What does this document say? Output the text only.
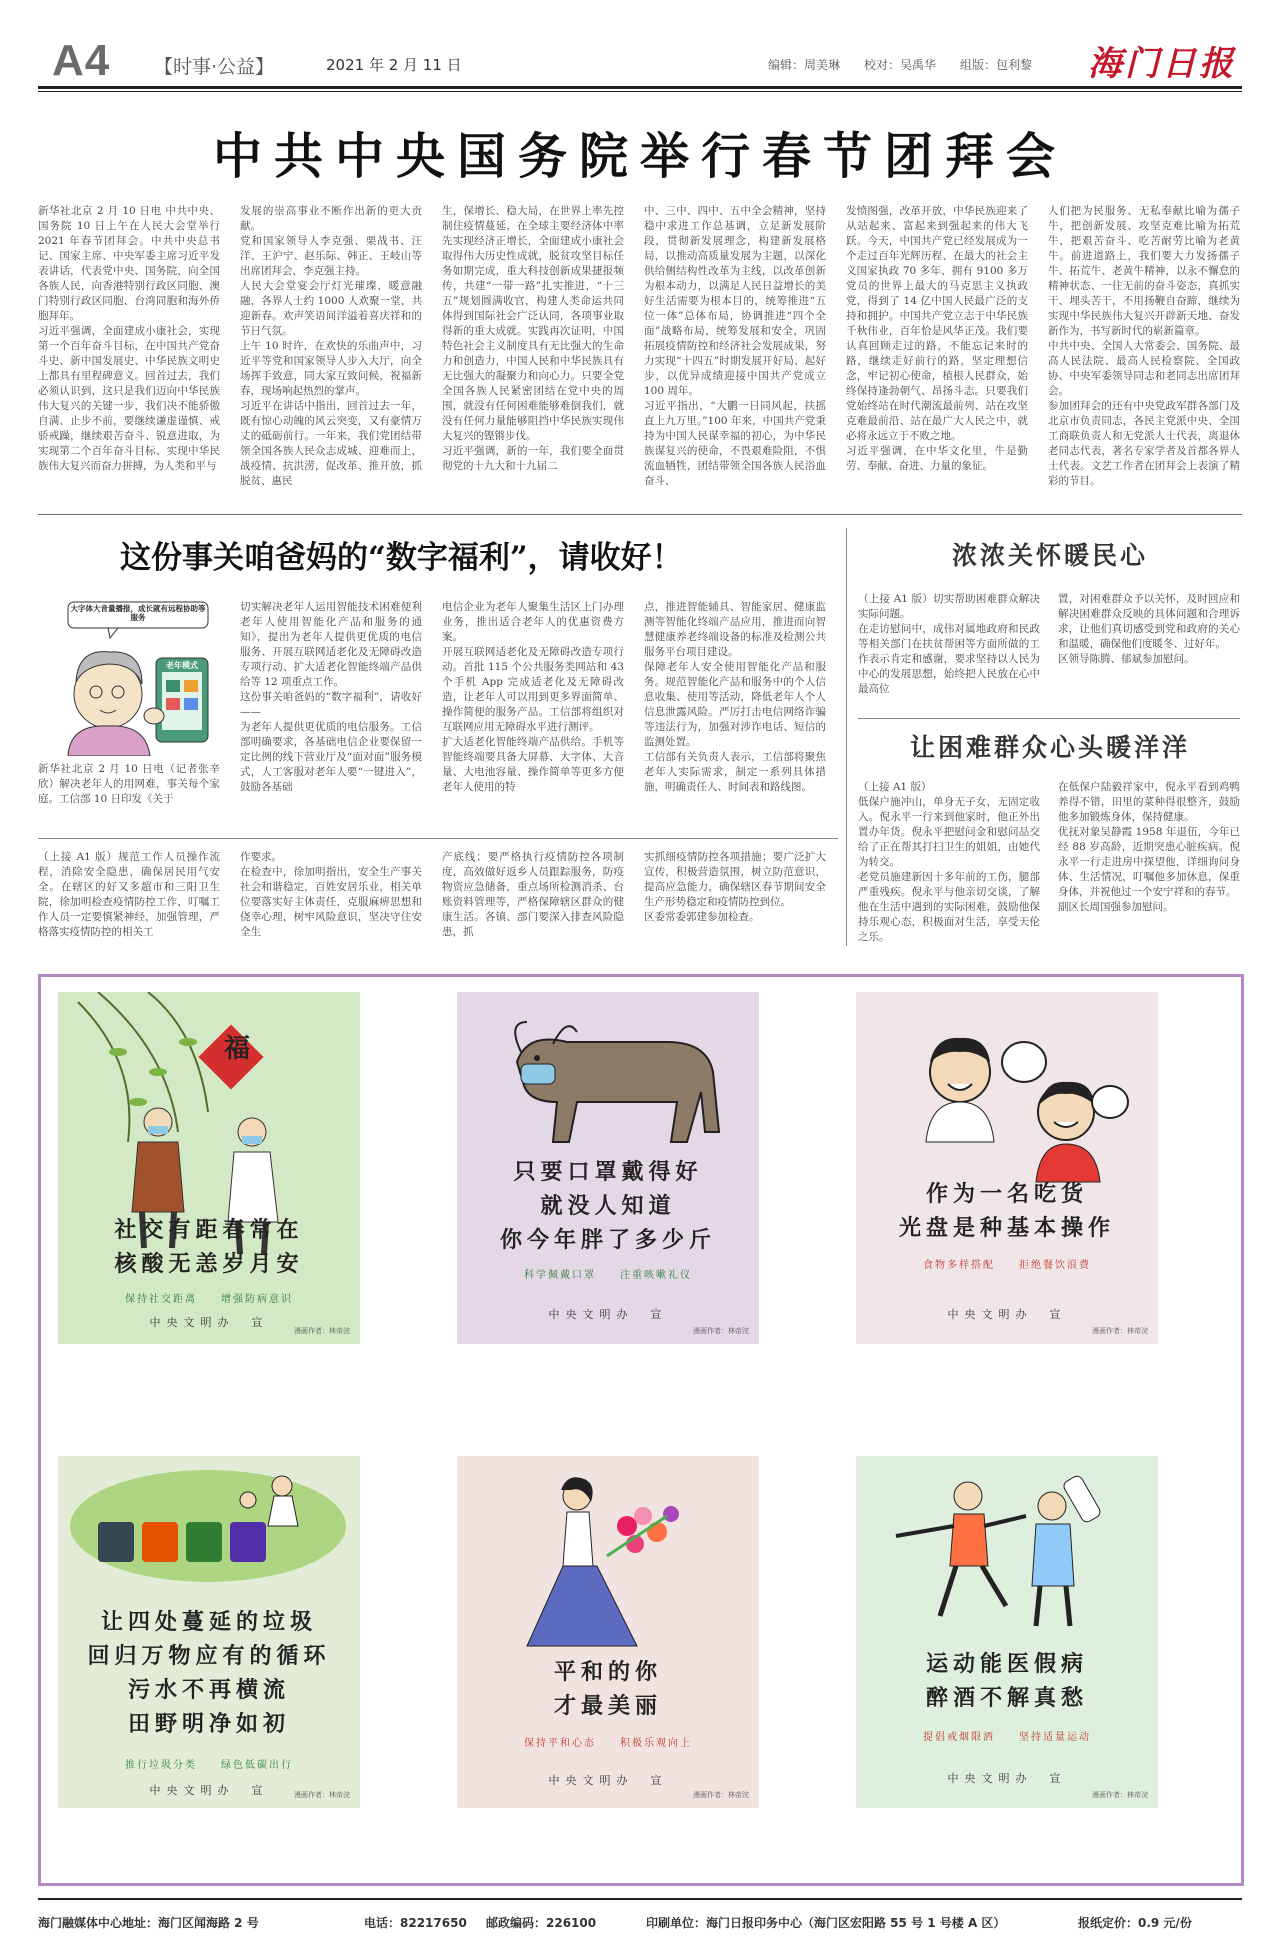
A4 【时事·公益】	2021 年 2 月 11 日	编辑：周美琳　　校对：吴禹华　　组版：包利黎 海门日报
中共中央国务院举行春节团拜会
新华社北京 2 月 10 日电 中共中央、国务院 10 日上午在人民大会堂举行 2021 年春节团拜会。中共中央总书记、国家主席、中央军委主席习近平发表讲话，代表党中央、国务院，向全国各族人民，向香港特别行政区同胞、澳门特别行政区同胞、台湾同胞和海外侨胞拜年。
习近平强调，全面建成小康社会，实现第一个百年奋斗目标，在中国共产党奋斗史、新中国发展史、中华民族文明史上都具有里程碑意义。回首过去，我们必须认识到，这只是我们迈向中华民族伟大复兴的关键一步，我们决不能骄傲自满、止步不前，要继续谦虚谨慎、戒骄戒躁，继续艰苦奋斗、锐意进取，为实现第二个百年奋斗目标、实现中华民族伟大复兴而奋力拼搏，为人类和平与
发展的崇高事业不断作出新的更大贡献。
党和国家领导人李克强、栗战书、汪洋、王沪宁、赵乐际、韩正、王岐山等出席团拜会，李克强主持。
人民大会堂宴会厅灯光璀璨、暖意融融，各界人士约 1000 人欢聚一堂，共迎新春。欢声笑语间洋溢着喜庆祥和的节日气氛。
上午 10 时许，在欢快的乐曲声中，习近平等党和国家领导人步入大厅，向全场挥手致意，同大家互致问候，祝福新春，现场响起热烈的掌声。
习近平在讲话中指出，回首过去一年，既有惊心动魄的风云突变，又有豪情万丈的砥砺前行。一年来，我们党团结带领全国各族人民众志成城、迎难而上，战疫情、抗洪涝，促改革、推开放，抓脱贫、惠民
生，保增长、稳大局，在世界上率先控制住疫情蔓延，在全球主要经济体中率先实现经济正增长，全面建成小康社会取得伟大历史性成就，脱贫攻坚目标任务如期完成，重大科技创新成果捷报频传，共建“一带一路”扎实推进，“十三五”规划圆满收官，构建人类命运共同体得到国际社会广泛认同，各项事业取得新的重大成就。实践再次证明，中国特色社会主义制度具有无比强大的生命力和创造力，中国人民和中华民族具有无比强大的凝聚力和向心力。只要全党全国各族人民紧密团结在党中央的周围，就没有任何困难能够难倒我们，就没有任何力量能够阻挡中华民族实现伟大复兴的铿锵步伐。
习近平强调，新的一年，我们要全面贯彻党的十九大和十九届二
中、三中、四中、五中全会精神，坚持稳中求进工作总基调，立足新发展阶段，贯彻新发展理念，构建新发展格局，以推动高质量发展为主题，以深化供给侧结构性改革为主线，以改革创新为根本动力，以满足人民日益增长的美好生活需要为根本目的，统筹推进“五位一体”总体布局，协调推进“四个全面”战略布局，统筹发展和安全，巩固拓展疫情防控和经济社会发展成果，努力实现“十四五”时期发展开好局、起好步，以优异成绩迎接中国共产党成立 100 周年。
习近平指出，“大鹏一日同风起，扶摇直上九万里。”100 年来，中国共产党秉持为中国人民谋幸福的初心，为中华民族谋复兴的使命，不畏艰难险阻，不惧流血牺牲，团结带领全国各族人民浴血奋斗、
发愤图强，改革开放，中华民族迎来了从站起来、富起来到强起来的伟大飞跃。今天，中国共产党已经发展成为一个走过百年光辉历程、在最大的社会主义国家执政 70 多年、拥有 9100 多万党员的世界上最大的马克思主义执政党，得到了 14 亿中国人民最广泛的支持和拥护。中国共产党立志于中华民族千秋伟业，百年恰是风华正茂。我们要认真回顾走过的路，不能忘记来时的路，继续走好前行的路，坚定理想信念，牢记初心使命，植根人民群众，始终保持逢勃朝气、昂扬斗志。只要我们党始终站在时代潮流最前列、站在攻坚克难最前沿、站在最广大人民之中，就必将永远立于不败之地。
习近平强调，在中华文化里，牛是勤劳、奉献、奋进、力量的象征。
人们把为民服务、无私奉献比喻为孺子牛，把创新发展、攻坚克难比喻为拓荒牛，把艰苦奋斗、吃苦耐劳比喻为老黄牛。前进道路上，我们要大力发扬孺子牛、拓荒牛、老黄牛精神，以永不懈怠的精神状态、一往无前的奋斗姿态，真抓实干、埋头苦干，不用扬鞭自奋蹄，继续为实现中华民族伟大复兴开辟新天地、奋发新作为，书写新时代的崭新篇章。
中共中央、全国人大常委会、国务院、最高人民法院、最高人民检察院、全国政协、中央军委领导同志和老同志出席团拜会。
参加团拜会的还有中央党政军群各部门及北京市负责同志，各民主党派中央、全国工商联负责人和无党派人士代表，离退休老同志代表，著名专家学者及首都各界人士代表。文艺工作者在团拜会上表演了精彩的节目。
这份事关咱爸妈的“数字福利”，请收好！
大字体大音量播报，成长就有远程协助等服务
老年模式
新华社北京 2 月 10 日电（记者张辛欣）解决老年人的用网难，事关每个家庭。工信部 10 日印发《关于
切实解决老年人运用智能技术困难便利老年人使用智能化产品和服务的通知》，提出为老年人提供更优质的电信服务、开展互联网适老化及无障碍改造专项行动、扩大适老化智能终端产品供给等 12 项重点工作。
这份事关咱爸妈的“数字福利”，请收好——
为老年人提供更优质的电信服务。工信部明确要求，各基础电信企业要保留一定比例的线下营业厅及“面对面”服务模式，人工客服对老年人要“一键进入”，鼓励各基础
电信企业为老年人聚集生活区上门办理业务，推出适合老年人的优惠资费方案。
开展互联网适老化及无障碍改造专项行动。首批 115 个公共服务类网站和 43 个手机 App 完成适老化及无障碍改造，让老年人可以用到更多界面简单、操作简便的服务产品。工信部将组织对互联网应用无障碍水平进行测评。
扩大适老化智能终端产品供给。手机等智能终端要具备大屏幕、大字体、大音量、大电池容量、操作简单等更多方便老年人使用的特
点，推进智能辅具、智能家居、健康监测等智能化终端产品应用，推进而向智慧健康养老终端设备的标准及检测公共服务平台项目建设。
保障老年人安全使用智能化产品和服务。规范智能化产品和服务中的个人信息收集、使用等活动，降低老年人个人信息泄露风险。严厉打击电信网络诈骗等违法行为，加强对涉诈电话、短信的监测处置。
工信部有关负责人表示，工信部将聚焦老年人实际需求，制定一系列具体措施，明确责任人、时间表和路线图。
（上接 A1 版）规范工作人员操作流程，消除安全隐患，确保居民用气安全。在辖区的好又多超市和三阳卫生院，徐加明检查疫情防控工作，叮嘱工作人员一定要慎紧神经，加强管理，严格落实疫情防控的相关工
作要求。
在检查中，徐加明指出，安全生产事关社会和谐稳定，百姓安居乐业，相关单位要落实好主体责任，克服麻痹思想和侥幸心理，树牢风险意识，坚决守住安全生
产底线；要严格执行疫情防控各项制度，高效做好返乡人员跟踪服务，防疫物资应急储备，重点场所检测消杀、台账资料管理等，严格保障辖区群众的健康生活。各镇、部门要深入排查风险隐患，抓
实抓细疫情防控各项措施；要广泛扩大宣传，积极营造氛围，树立防范意识，提高应急能力，确保辖区春节期间安全生产形势稳定和疫情防控到位。
区委常委郭建参加检查。
浓浓关怀暖民心
（上接 A1 版）切实帮助困难群众解决实际问题。
在走访慰问中，成伟对属地政府和民政等相关部门在扶贫帮困等方面所做的工作表示肯定和感谢，要求坚持以人民为中心的发展思想，始终把人民放在心中最高位
置，对困难群众予以关怀，及时回应和解决困难群众反映的具体问题和合理诉求，让他们真切感受到党和政府的关心和温暖，确保他们度暖冬、过好年。
区领导陈腾、郁斌参加慰问。
让困难群众心头暖洋洋
（上接 A1 版）
低保户施冲山，单身无子女，无固定收入。倪永平一行来到他家时，他正外出置办年货。倪永平把慰问金和慰问品交给了正在帮其打扫卫生的姐姐，由她代为转交。
老党员施建新因十多年前的工伤，腿部严重残疾。倪永平与他亲切交谈，了解他在生活中遇到的实际困难，鼓励他保持乐观心态，积极面对生活，享受天伦之乐。
在低保户陆毅祥家中，倪永平看到鸡鸭养得不错，田里的菜种得很整齐，鼓励他多加锻炼身体，保持健康。
优抚对象吴静霞 1958 年退伍，今年已经 88 岁高龄，近期突患心脏疾病。倪永平一行走进房中探望他，详细询问身体、生活情况，叮嘱他多加休息，保重身体，并祝他过一个安宁祥和的春节。
副区长周国强参加慰问。
福
社交有距春常在
核酸无恙岁月安
保持社交距离　　增强防病意识
中央文明办　宣
漫画作者：林帝浣
只要口罩戴得好
就没人知道
你今年胖了多少斤
科学佩戴口罩　　注重咳嗽礼仪
中央文明办　宣
漫画作者：林帝浣
作为一名吃货
光盘是种基本操作
食物多样搭配　　拒绝餐饮浪费
中央文明办　宣
漫画作者：林帝浣
让四处蔓延的垃圾
回归万物应有的循环
污水不再横流
田野明净如初
推行垃圾分类　　绿色低碳出行
中央文明办　宣	漫画作者：林帝浣
平和的你
才最美丽
保持平和心态　　积极乐观向上
中央文明办　宣
漫画作者：林帝浣
运动能医假病
醉酒不解真愁
提倡戒烟限酒　　坚持适量运动
中央文明办　宣
漫画作者：林帝浣
海门融媒体中心地址：海门区闻海路 2 号	电话：82217650 邮政编码：226100	印刷单位：海门日报印务中心（海门区宏阳路 55 号 1 号楼 A 区）	报纸定价：0.9 元/份
